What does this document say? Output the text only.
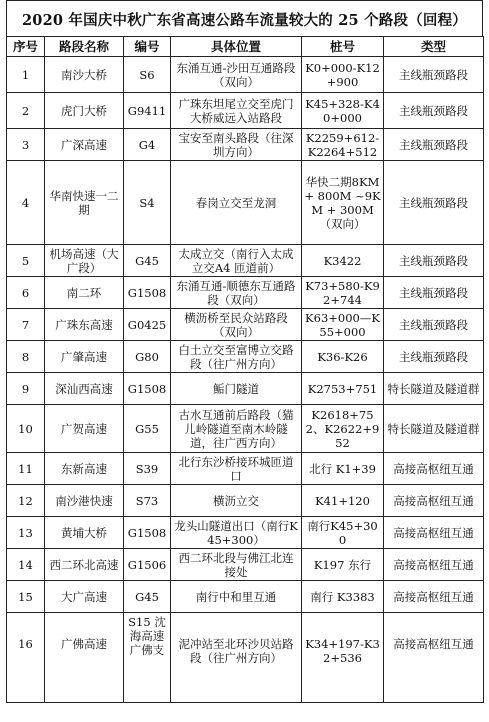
2020 年国庆中秋广东省高速公路车流量较大的 25 个路段（回程）
序号	路段名称	编号	具体位置	桩号	类型
1	南沙大桥	S6	东涌互通-沙田互通路段（双向）	K0+000-K12+900	主线瓶颈路段
2	虎门大桥	G9411	广珠东坦尾立交至虎门大桥威远入站路段	K45+328-K40+000	主线瓶颈路段
3	广深高速	G4	宝安至南头路段（往深圳方向）	K2259+612-K2264+512	主线瓶颈路段
4	华南快速一二期	S4	春岗立交至龙洞	华快二期8KM + 800M ~9KM + 300M（双向）	主线瓶颈路段
5	机场高速（大广段）	G45	太成立交（南行入太成立交A4 匝道前）	K3422	主线瓶颈路段
6	南二环	G1508	东涌互通-顺德东互通路段（双向）	K73+580-K92+744	主线瓶颈路段
7	广珠东高速	G0425	横沥桥至民众站路段（双向）	K63+000—K55+000	主线瓶颈路段
8	广肇高速	G80	白土立交至富博立交路段（往广州方向）	K36-K26	主线瓶颈路段
9	深汕西高速	G1508	鲘门隧道	K2753+751	特长隧道及隧道群
10	广贺高速	G55	古水互通前后路段（猫儿岭隧道至南木岭隧道，往广西方向）	K2618+752、K2622+952	特长隧道及隧道群
11	东新高速	S39	北行东沙桥接环城匝道口	北行 K1+39	高接高枢纽互通
12	南沙港快速	S73	横沥立交	K41+120	高接高枢纽互通
13	黄埔大桥	G1508	龙头山隧道出口（南行K45+300）	南行K45+300	高接高枢纽互通
14	西二环北高速	G1506	西二环北段与佛江北连接处	K197 东行	高接高枢纽互通
15	大广高速	G45	南行中和里互通	南行 K3383	高接高枢纽互通
16	广佛高速	S15 沈海高速广佛支	泥冲站至北环沙贝站路段（往广州方向）	K34+197-K32+536	高接高枢纽互通
